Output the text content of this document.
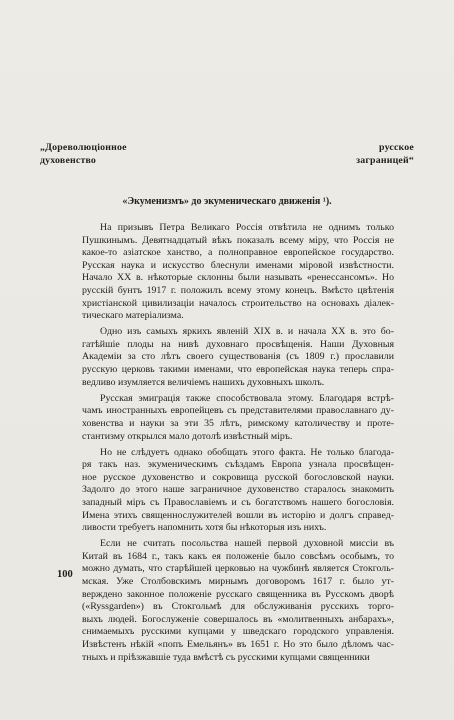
„Дореволюцiонное русское
духовенство заграницей“
«Экуменизмъ» до экуменическаго движенiя ¹).
На призывъ Петра Великаго Россiя отвѣтила не однимъ только
Пушкинымъ. Девятнадцатый вѣкъ показалъ всему мiру, что Россiя не
какое-то азiатское ханство, а полноправное европейское государство.
Русская наука и искусство блеснули именами мiровой извѣстности.
Начало XX в. нѣкоторые склонны были называть «ренессансомъ». Но
русскiй бунтъ 1917 г. положилъ всему этому конецъ. Вмѣсто цвѣтенiя
христiанской цивилизацiи началось строительство на основахъ дiалек-
тическаго матерiализма.
Одно изъ самыхъ яркихъ явленiй XIX в. и начала XX в. это бо-
гатѣйшiе плоды на нивѣ духовнаго просвѣщенiя. Наши Духовныя
Академiи за сто лѣтъ своего существованiя (съ 1809 г.) прославили
русскую церковь такими именами, что европейская наука теперь спра-
ведливо изумляется величiемъ нашихъ духовныхъ школъ.
Русская эмиграцiя также способствовала этому. Благодаря встрѣ-
чамъ иностранныхъ европейцевъ съ представителями православнаго ду-
ховенства и науки за эти 35 лѣтъ, римскому католичеству и протe-
стантизму открылся мало дотолѣ извѣстный мiръ.
Но не слѣдуетъ однако обобщать этого факта. Не только благода-
ря такъ наз. экуменическимъ съѣздамъ Европа узнала просвѣщен-
ное русское духовенство и сокровища русской богословской науки.
Задолго до этого наше заграничное духовенство старалось знакомить
западный мiръ съ Православiемъ и съ богатствомъ нашего богословiя.
Имена этихъ священнослужителей вошли въ исторiю и долгъ справед-
ливости требуетъ напомнить хотя бы нѣкоторыя изъ нихъ.
Если не считать посольства нашей первой духовной миссiи въ
Китай въ 1684 г., такъ какъ ея положенiе было совсѣмъ особымъ, то
можно думать, что старѣйшей церковью на чужбинѣ является Стокголь-
мская. Уже Столбовскимъ мирнымъ договоромъ 1617 г. было ут-
верждено законное положенiе русскаго священника въ Русскомъ дворѣ
(«Ryssgarden») въ Стокгольмѣ для обслуживанiя русскихъ торго-
выхъ людей. Богослуженiе совершалось въ «молитвенныхъ анбарахъ»,
снимаемыхъ русскими купцами у шведскаго городского управленiя.
Извѣстенъ нѣкiй «попъ Емельянъ» въ 1651 г. Но это было дѣломъ час-
тныхъ и прiѣзжавшiе туда вмѣстѣ съ русскими купцами священники
100
